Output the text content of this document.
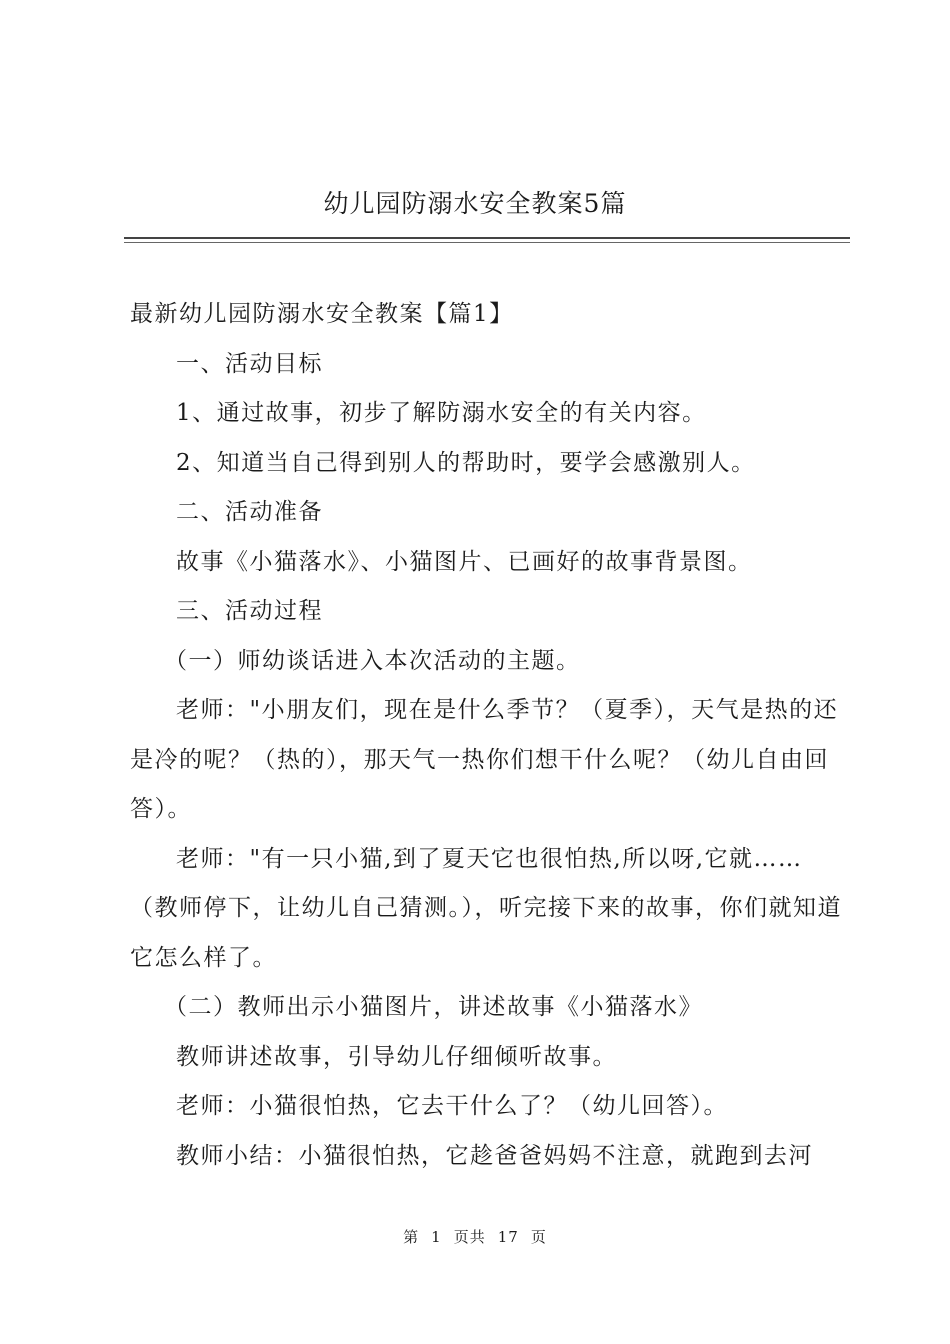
幼儿园防溺水安全教案5篇

最新幼儿园防溺水安全教案【篇1】

一、活动目标

1、通过故事，初步了解防溺水安全的有关内容。

2、知道当自己得到别人的帮助时，要学会感激别人。

二、活动准备

故事《小猫落水》、小猫图片、已画好的故事背景图。

三、活动过程

（一）师幼谈话进入本次活动的主题。

老师："小朋友们，现在是什么季节？（夏季），天气是热的还是冷的呢？（热的），那天气一热你们想干什么呢？（幼儿自由回答）。

老师："有一只小猫,到了夏天它也很怕热,所以呀,它就……（教师停下，让幼儿自己猜测。），听完接下来的故事，你们就知道它怎么样了。

（二）教师出示小猫图片，讲述故事《小猫落水》

教师讲述故事，引导幼儿仔细倾听故事。

老师：小猫很怕热，它去干什么了？（幼儿回答）。

教师小结：小猫很怕热，它趁爸爸妈妈不注意，就跑到去河

第 1 页共 17 页
